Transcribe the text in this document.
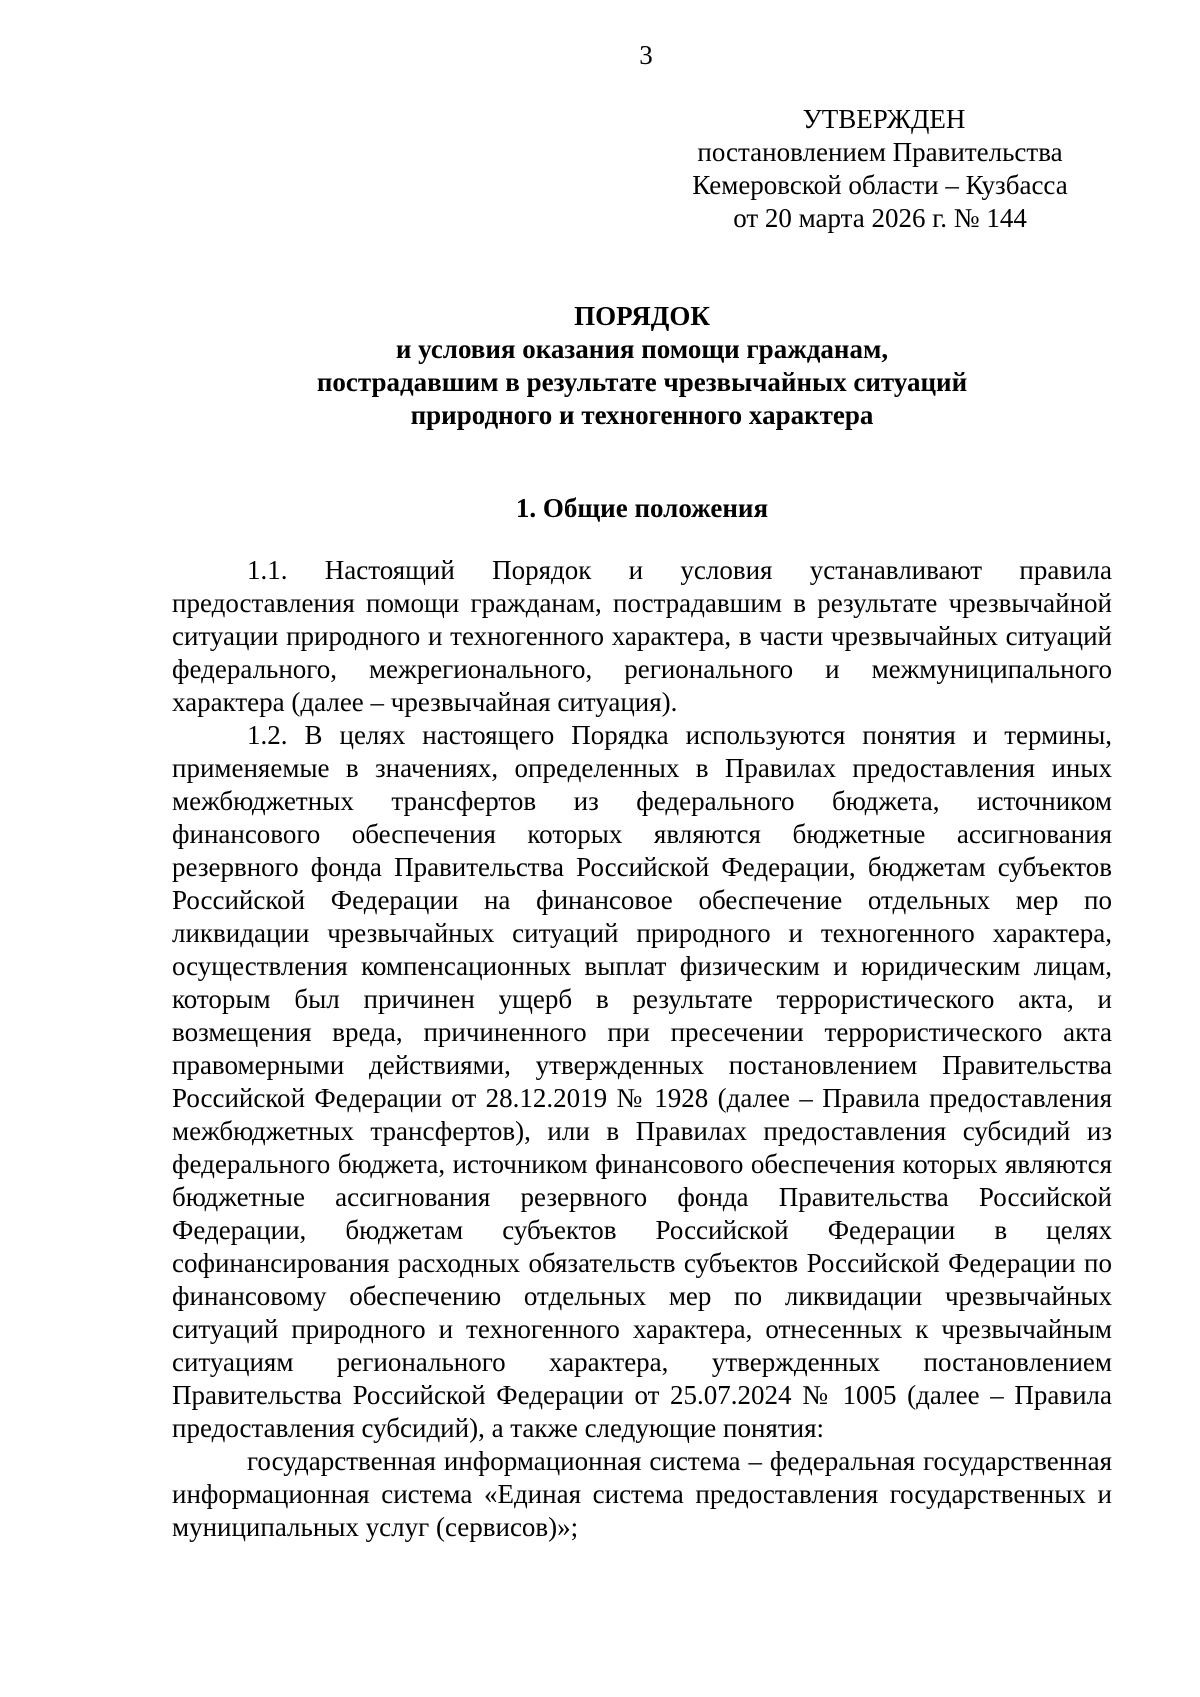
3
УТВЕРЖДЕН
постановлением Правительства
Кемеровской области – Кузбасса
от 20 марта 2026 г. № 144
ПОРЯДОК
и условия оказания помощи гражданам,
пострадавшим в результате чрезвычайных ситуаций
природного и техногенного характера
1. Общие положения

1.1. Настоящий Порядок и условия устанавливают правила предоставления помощи гражданам, пострадавшим в результате чрезвычайной ситуации природного и техногенного характера, в части чрезвычайных ситуаций федерального, межрегионального, регионального и межмуниципального характера (далее – чрезвычайная ситуация).

1.2. В целях настоящего Порядка используются понятия и термины, применяемые в значениях, определенных в Правилах предоставления иных межбюджетных трансфертов из федерального бюджета, источником финансового обеспечения которых являются бюджетные ассигнования резервного фонда Правительства Российской Федерации, бюджетам субъектов Российской Федерации на финансовое обеспечение отдельных мер по ликвидации чрезвычайных ситуаций природного и техногенного характера, осуществления компенсационных выплат физическим и юридическим лицам, которым был причинен ущерб в результате террористического акта, и возмещения вреда, причиненного при пресечении террористического акта правомерными действиями, утвержденных постановлением Правительства Российской Федерации от 28.12.2019 № 1928 (далее – Правила предоставления межбюджетных трансфертов), или в Правилах предоставления субсидий из федерального бюджета, источником финансового обеспечения которых являются бюджетные ассигнования резервного фонда Правительства Российской Федерации, бюджетам субъектов Российской Федерации в целях софинансирования расходных обязательств субъектов Российской Федерации по финансовому обеспечению отдельных мер по ликвидации чрезвычайных ситуаций природного и техногенного характера, отнесенных к чрезвычайным ситуациям регионального характера, утвержденных постановлением Правительства Российской Федерации от 25.07.2024 № 1005 (далее – Правила предоставления субсидий), а также следующие понятия:

государственная информационная система – федеральная государственная информационная система «Единая система предоставления государственных и муниципальных услуг (сервисов)»;
